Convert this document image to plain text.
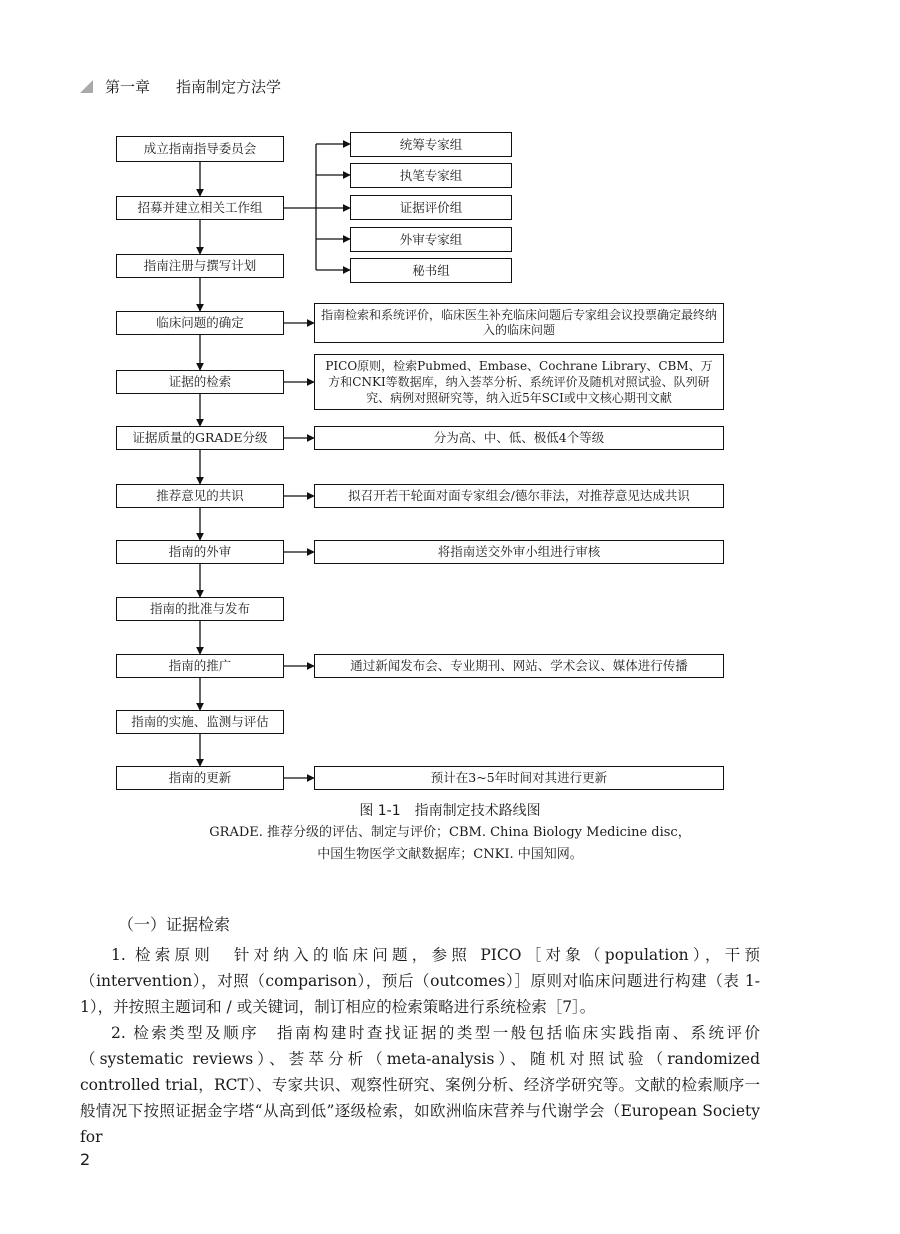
第一章 指南制定方法学
成立指南指导委员会
招募并建立相关工作组
指南注册与撰写计划
临床问题的确定
证据的检索
证据质量的GRADE分级
推荐意见的共识
指南的外审
指南的批准与发布
指南的推广
指南的实施、监测与评估
指南的更新
统筹专家组
执笔专家组
证据评价组
外审专家组
秘书组
指南检索和系统评价，临床医生补充临床问题后专家组会议投票确定最终纳入的临床问题
PICO原则，检索Pubmed、Embase、Cochrane Library、CBM、万方和CNKI等数据库，纳入荟萃分析、系统评价及随机对照试验、队列研究、病例对照研究等，纳入近5年SCI或中文核心期刊文献
分为高、中、低、极低4个等级
拟召开若干轮面对面专家组会/德尔菲法，对推荐意见达成共识
将指南送交外审小组进行审核
通过新闻发布会、专业期刊、网站、学术会议、媒体进行传播
预计在3~5年时间对其进行更新
图 1-1　指南制定技术路线图
GRADE. 推荐分级的评估、制定与评价；CBM. China Biology Medicine disc，
中国生物医学文献数据库；CNKI. 中国知网。
（一）证据检索

1. 检索原则　针对纳入的临床问题，参照 PICO［对象（population），干预（intervention），对照（comparison），预后（outcomes）］原则对临床问题进行构建（表 1-1），并按照主题词和 / 或关键词，制订相应的检索策略进行系统检索［7］。

2. 检索类型及顺序　指南构建时查找证据的类型一般包括临床实践指南、系统评价（systematic reviews）、荟萃分析（meta-analysis）、随机对照试验（randomized controlled trial，RCT）、专家共识、观察性研究、案例分析、经济学研究等。文献的检索顺序一般情况下按照证据金字塔“从高到低”逐级检索，如欧洲临床营养与代谢学会（European Society for

2
